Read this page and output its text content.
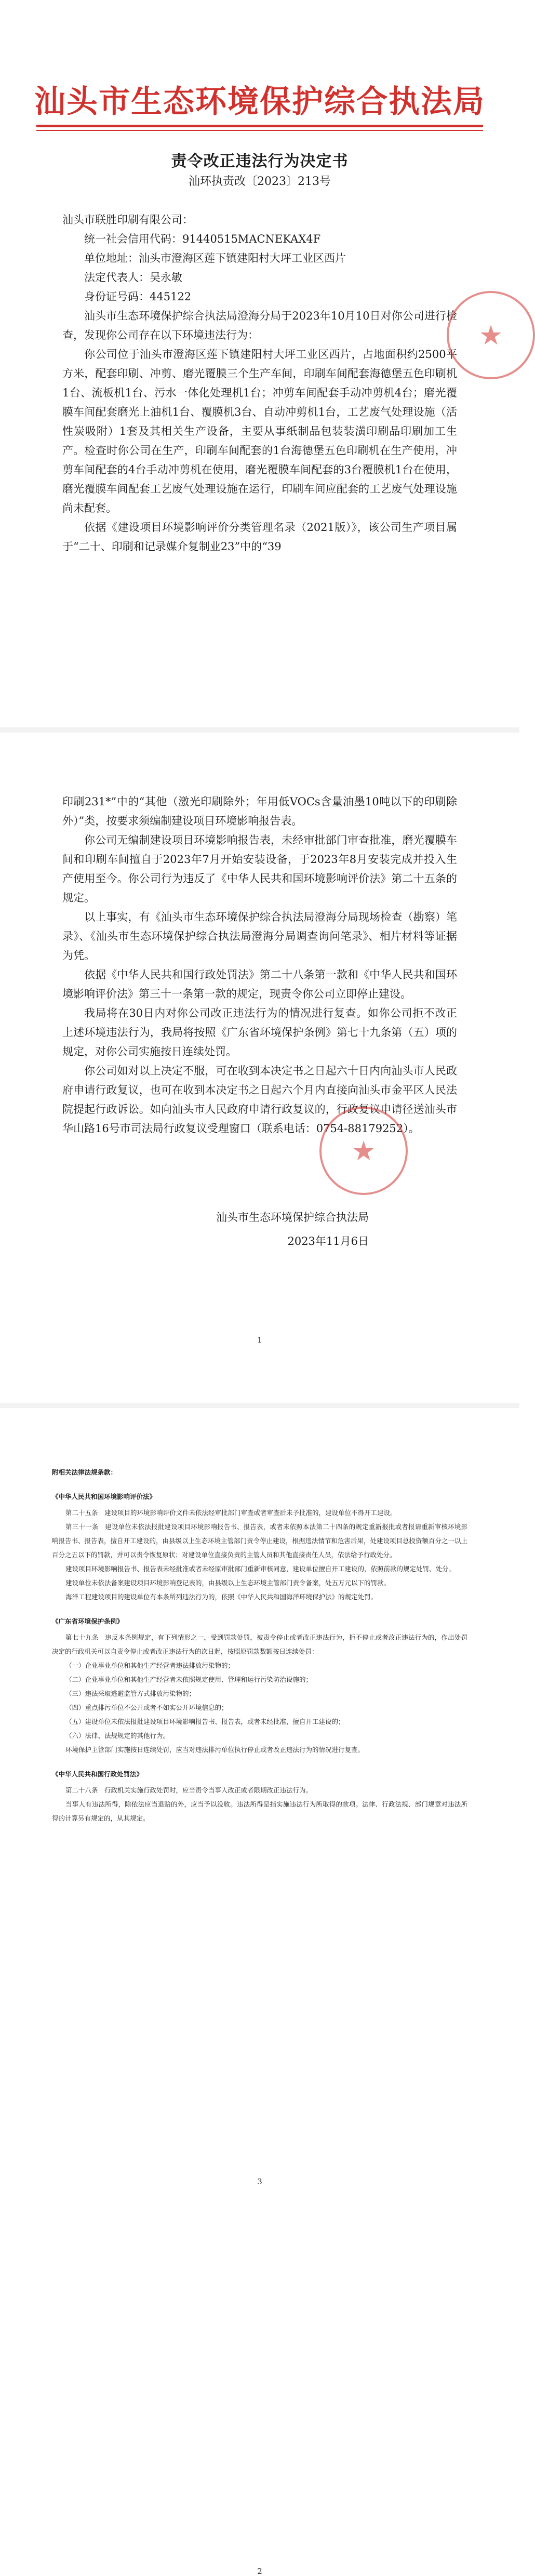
汕头市生态环境保护综合执法局
责令改正违法行为决定书
汕环执责改〔2023〕213号

汕头市联胜印刷有限公司：

统一社会信用代码：91440515MACNEKAX4F

单位地址：汕头市澄海区莲下镇建阳村大坪工业区西片

法定代表人：吴永敏

身份证号码：445122

汕头市生态环境保护综合执法局澄海分局于2023年10月10日对你公司进行检查，发现你公司存在以下环境违法行为：

你公司位于汕头市澄海区莲下镇建阳村大坪工业区西片，占地面积约2500平方米，配套印刷、冲剪、磨光覆膜三个生产车间，印刷车间配套海德堡五色印刷机1台、流板机1台、污水一体化处理机1台；冲剪车间配套手动冲剪机4台；磨光覆膜车间配套磨光上油机1台、覆膜机3台、自动冲剪机1台，工艺废气处理设施（活性炭吸附）1套及其相关生产设备，主要从事纸制品包装装潢印刷品印刷加工生产。检查时你公司在生产，印刷车间配套的1台海德堡五色印刷机在生产使用，冲剪车间配套的4台手动冲剪机在使用，磨光覆膜车间配套的3台覆膜机1台在使用，磨光覆膜车间配套工艺废气处理设施在运行，印刷车间应配套的工艺废气处理设施尚未配套。

依据《建设项目环境影响评价分类管理名录（2021版）》，该公司生产项目属于“二十、印刷和记录媒介复制业23”中的“39

★

印刷231*”中的“其他（激光印刷除外；年用低VOCs含量油墨10吨以下的印刷除外）”类，按要求须编制建设项目环境影响报告表。

你公司无编制建设项目环境影响报告表，未经审批部门审查批准，磨光覆膜车间和印刷车间擅自于2023年7月开始安装设备，于2023年8月安装完成并投入生产使用至今。你公司行为违反了《中华人民共和国环境影响评价法》第二十五条的规定。

以上事实，有《汕头市生态环境保护综合执法局澄海分局现场检查（勘察）笔录》、《汕头市生态环境保护综合执法局澄海分局调查询问笔录》、相片材料等证据为凭。

依据《中华人民共和国行政处罚法》第二十八条第一款和《中华人民共和国环境影响评价法》第三十一条第一款的规定，现责令你公司立即停止建设。

我局将在30日内对你公司改正违法行为的情况进行复查。如你公司拒不改正上述环境违法行为，我局将按照《广东省环境保护条例》第七十九条第（五）项的规定，对你公司实施按日连续处罚。

你公司如对以上决定不服，可在收到本决定书之日起六十日内向汕头市人民政府申请行政复议，也可在收到本决定书之日起六个月内直接向汕头市金平区人民法院提起行政诉讼。如向汕头市人民政府申请行政复议的，行政复议申请径送汕头市华山路16号市司法局行政复议受理窗口（联系电话：0754-88179252）。

汕头市生态环境保护综合执法局
2023年11月6日
★
1

附相关法律法规条款：

《中华人民共和国环境影响评价法》

第二十五条　建设项目的环境影响评价文件未依法经审批部门审查或者审查后未予批准的，建设单位不得开工建设。

第三十一条　建设单位未依法报批建设项目环境影响报告书、报告表，或者未依照本法第二十四条的规定重新报批或者报请重新审核环境影响报告书、报告表，擅自开工建设的，由县级以上生态环境主管部门责令停止建设，根据违法情节和危害后果，处建设项目总投资额百分之一以上百分之五以下的罚款，并可以责令恢复原状；对建设单位直接负责的主管人员和其他直接责任人员，依法给予行政处分。

建设项目环境影响报告书、报告表未经批准或者未经原审批部门重新审核同意，建设单位擅自开工建设的，依照前款的规定处罚、处分。

建设单位未依法备案建设项目环境影响登记表的，由县级以上生态环境主管部门责令备案，处五万元以下的罚款。

海洋工程建设项目的建设单位有本条所列违法行为的，依照《中华人民共和国海洋环境保护法》的规定处罚。

《广东省环境保护条例》

第七十九条　违反本条例规定，有下列情形之一，受到罚款处罚，被责令停止或者改正违法行为，拒不停止或者改正违法行为的，作出处罚决定的行政机关可以自责令停止或者改正违法行为的次日起，按照原罚款数额按日连续处罚：

（一）企业事业单位和其他生产经营者违法排放污染物的；

（二）企业事业单位和其他生产经营者未依照规定使用、管理和运行污染防治设施的；

（三）违法采取逃避监管方式排放污染物的；

（四）重点排污单位不公开或者不如实公开环境信息的；

（五）建设单位未依法报批建设项目环境影响报告书、报告表，或者未经批准，擅自开工建设的；

（六）法律、法规规定的其他行为。

环境保护主管部门实施按日连续处罚，应当对违法排污单位执行停止或者改正违法行为的情况进行复查。

《中华人民共和国行政处罚法》

第二十八条　行政机关实施行政处罚时，应当责令当事人改正或者限期改正违法行为。

当事人有违法所得，除依法应当退赔的外，应当予以没收。违法所得是指实施违法行为所取得的款项。法律、行政法规、部门规章对违法所得的计算另有规定的，从其规定。

2
3
